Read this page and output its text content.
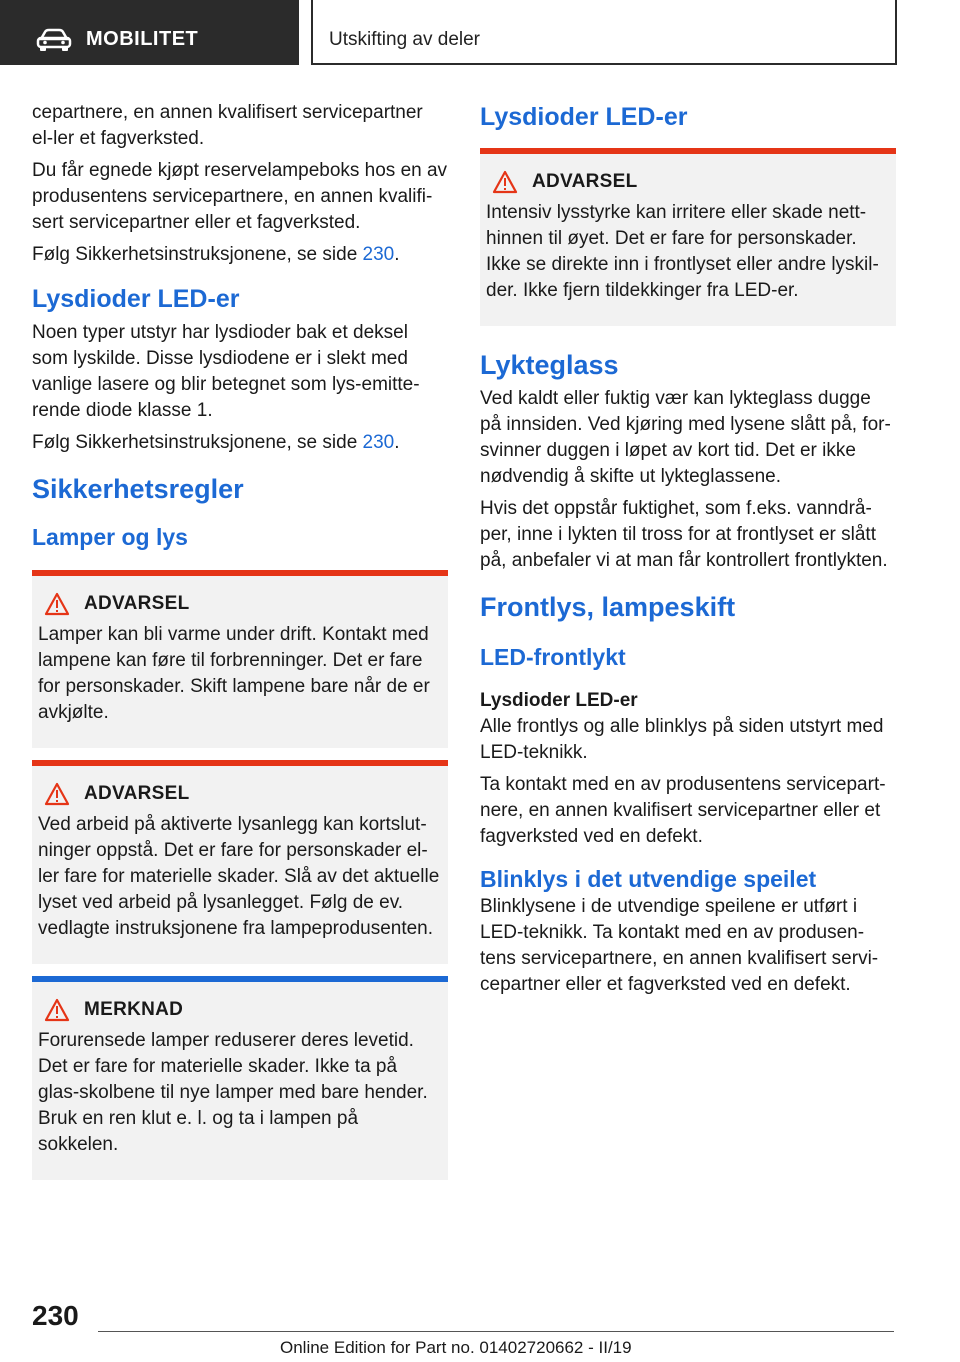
MOBILITET	Utskifting av deler

cepartnere, en annen kvalifisert servicepartner el-ler et fagverksted.

Du får egnede kjøpt reservelampeboks hos en av produsentens servicepartnere, en annen kvalifi-sert servicepartner eller et fagverksted.

Følg Sikkerhetsinstruksjonene, se side 230.

Lysdioder LED-er

Noen typer utstyr har lysdioder bak et deksel som lyskilde. Disse lysdiodene er i slekt med vanlige lasere og blir betegnet som lys-emitte-rende diode klasse 1.

Følg Sikkerhetsinstruksjonene, se side 230.

Sikkerhetsregler
Lamper og lys
ADVARSEL

Lamper kan bli varme under drift. Kontakt med lampene kan føre til forbrenninger. Det er fare for personskader. Skift lampene bare når de er avkjølte.

ADVARSEL

Ved arbeid på aktiverte lysanlegg kan kortslut-ninger oppstå. Det er fare for personskader el-ler fare for materielle skader. Slå av det aktuelle lyset ved arbeid på lysanlegget. Følg de ev. vedlagte instruksjonene fra lampeprodusenten.

MERKNAD

Forurensede lamper reduserer deres levetid. Det er fare for materielle skader. Ikke ta på glas-skolbene til nye lamper med bare hender. Bruk en ren klut e. l. og ta i lampen på sokkelen.

Lysdioder LED-er
ADVARSEL

Intensiv lysstyrke kan irritere eller skade nett-hinnen til øyet. Det er fare for personskader. Ikke se direkte inn i frontlyset eller andre lyskil-der. Ikke fjern tildekkinger fra LED-er.

Lykteglass

Ved kaldt eller fuktig vær kan lykteglass dugge på innsiden. Ved kjøring med lysene slått på, for-svinner duggen i løpet av kort tid. Det er ikke nødvendig å skifte ut lykteglassene.

Hvis det oppstår fuktighet, som f.eks. vanndrå-per, inne i lykten til tross for at frontlyset er slått på, anbefaler vi at man får kontrollert frontlykten.

Frontlys, lampeskift
LED-frontlykt
Lysdioder LED-er

Alle frontlys og alle blinklys på siden utstyrt med LED-teknikk.

Ta kontakt med en av produsentens servicepart-nere, en annen kvalifisert servicepartner eller et fagverksted ved en defekt.

Blinklys i det utvendige speilet

Blinklysene i de utvendige speilene er utført i LED-teknikk. Ta kontakt med en av produsen-tens servicepartnere, en annen kvalifisert servi-cepartner eller et fagverksted ved en defekt.

230
Online Edition for Part no. 01402720662 - II/19
